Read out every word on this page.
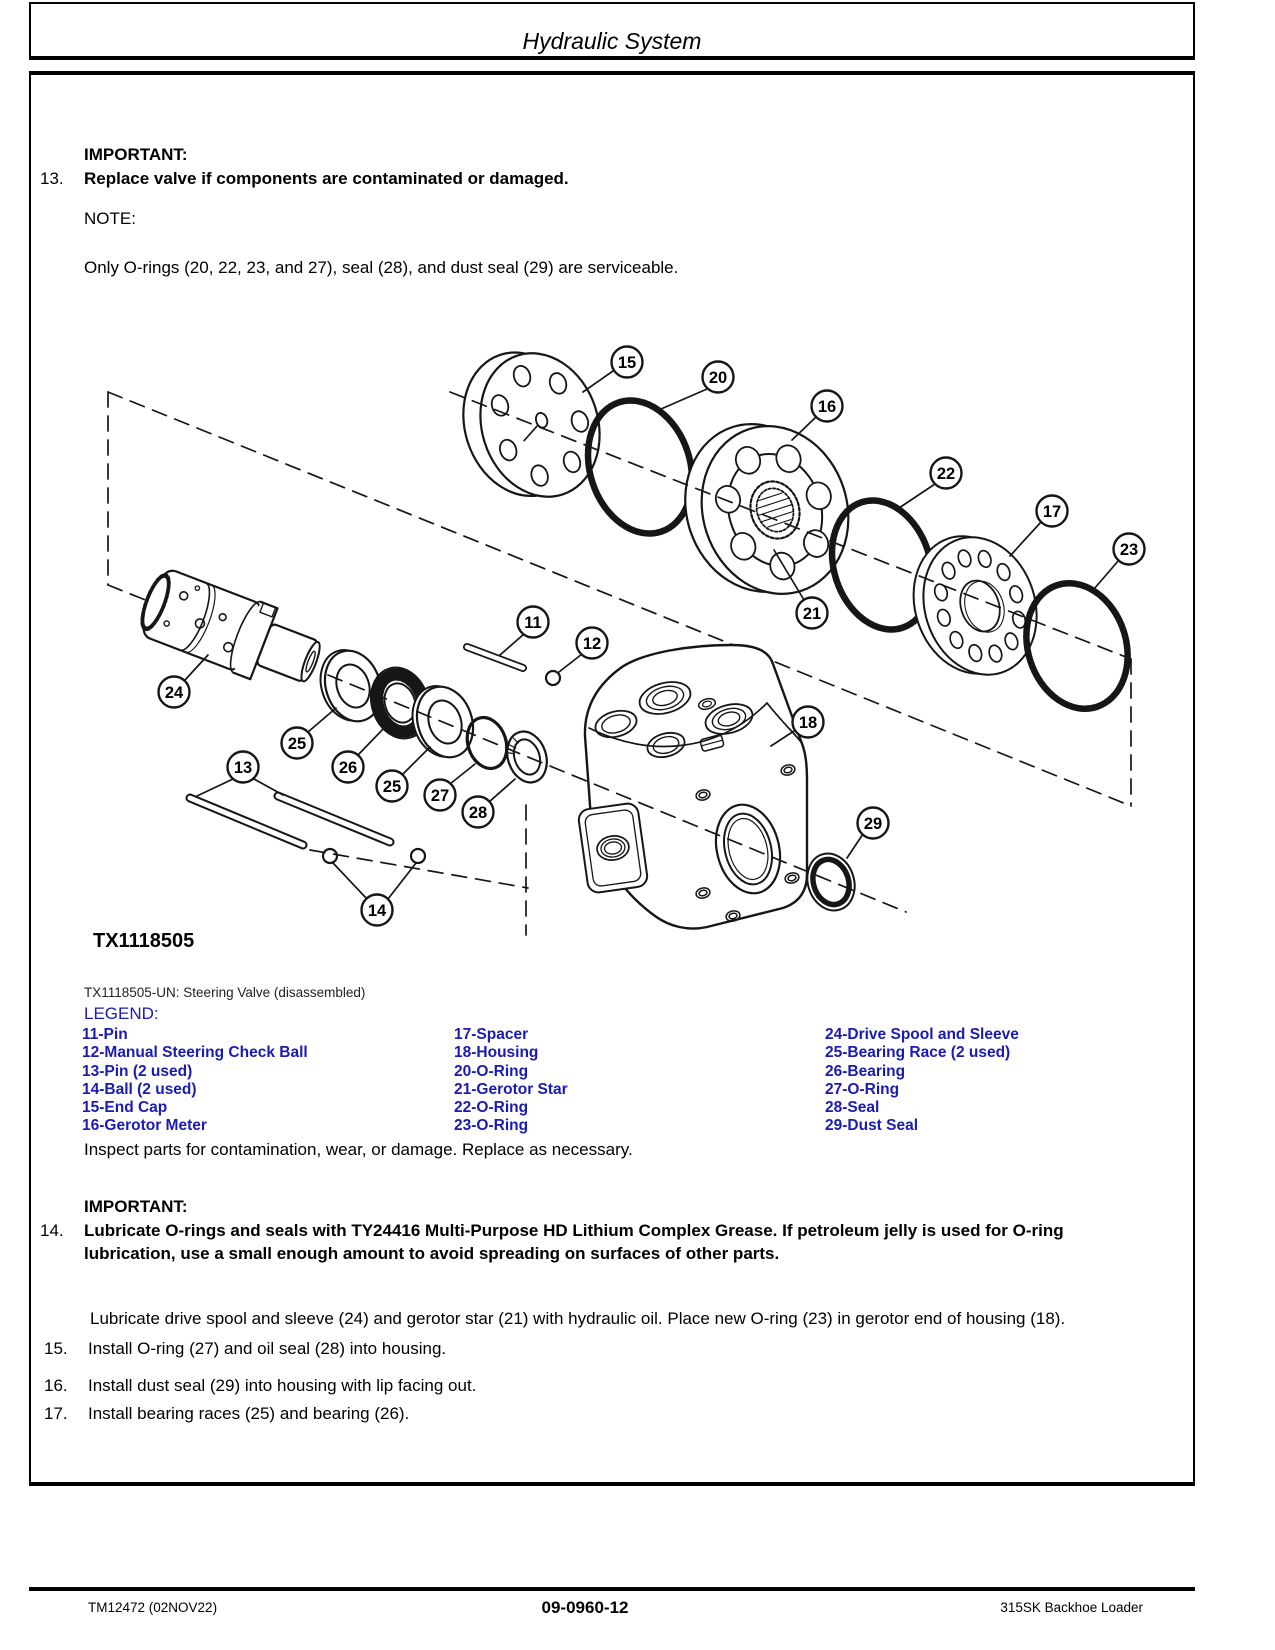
Hydraulic System
IMPORTANT:
13. Replace valve if components are contaminated or damaged.
NOTE:
Only O-rings (20, 22, 23, and 27), seal (28), and dust seal (29) are serviceable.
15
20
16
21
22
17
23
24
25
26
25 27
28
11
12
13
14
18
29
TX1118505
TX1118505-UN: Steering Valve (disassembled)
LEGEND:
11-Pin
12-Manual Steering Check Ball
13-Pin (2 used)
14-Ball (2 used)
15-End Cap
16-Gerotor Meter
17-Spacer
18-Housing
20-O-Ring
21-Gerotor Star
22-O-Ring
23-O-Ring
24-Drive Spool and Sleeve
25-Bearing Race (2 used)
26-Bearing
27-O-Ring
28-Seal
29-Dust Seal
Inspect parts for contamination, wear, or damage. Replace as necessary.
IMPORTANT:
14. Lubricate O-rings and seals with TY24416 Multi-Purpose HD Lithium Complex Grease. If petroleum jelly is used for O-ring
lubrication, use a small enough amount to avoid spreading on surfaces of other parts.
Lubricate drive spool and sleeve (24) and gerotor star (21) with hydraulic oil. Place new O-ring (23) in gerotor end of housing (18).
15. Install O-ring (27) and oil seal (28) into housing.
16. Install dust seal (29) into housing with lip facing out.
17. Install bearing races (25) and bearing (26).
TM12472 (02NOV22)	09-0960-12	315SK Backhoe Loader
